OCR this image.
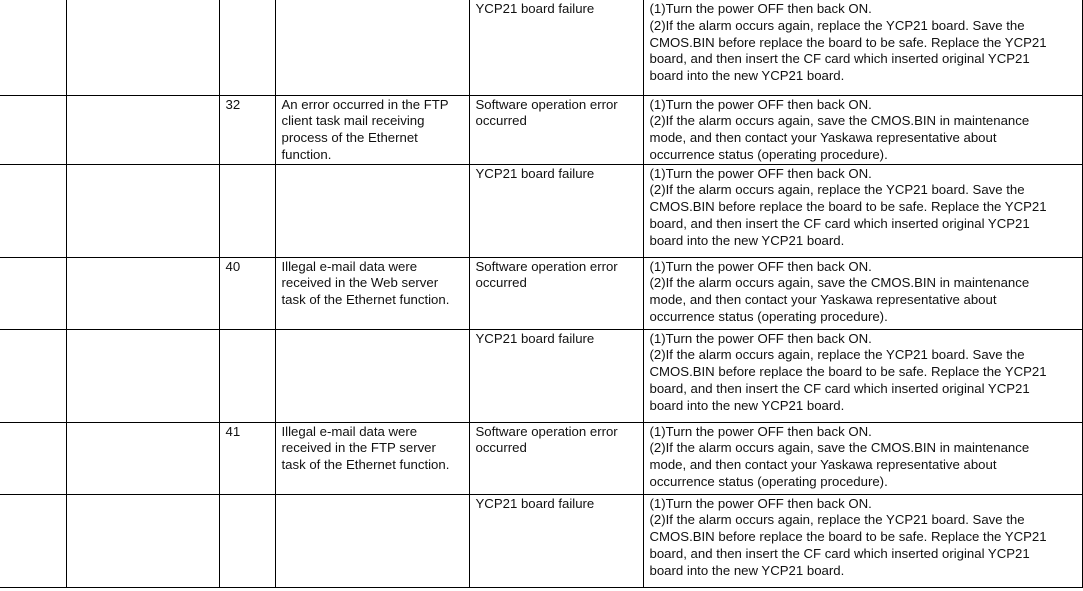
				YCP21 board failure	(1)Turn the power OFF then back ON.
(2)If the alarm occurs again, replace the YCP21 board. Save the
CMOS.BIN before replace the board to be safe. Replace the YCP21
board, and then insert the CF card which inserted original YCP21
board into the new YCP21 board.

		32	An error occurred in the FTP
client task mail receiving
process of the Ethernet
function.	Software operation error
occurred	(1)Turn the power OFF then back ON.
(2)If the alarm occurs again, save the CMOS.BIN in maintenance
mode, and then contact your Yaskawa representative about
occurrence status (operating procedure).

				YCP21 board failure	(1)Turn the power OFF then back ON.
(2)If the alarm occurs again, replace the YCP21 board. Save the
CMOS.BIN before replace the board to be safe. Replace the YCP21
board, and then insert the CF card which inserted original YCP21
board into the new YCP21 board.

		40	Illegal e-mail data were
received in the Web server
task of the Ethernet function.	Software operation error
occurred	(1)Turn the power OFF then back ON.
(2)If the alarm occurs again, save the CMOS.BIN in maintenance
mode, and then contact your Yaskawa representative about
occurrence status (operating procedure).

				YCP21 board failure	(1)Turn the power OFF then back ON.
(2)If the alarm occurs again, replace the YCP21 board. Save the
CMOS.BIN before replace the board to be safe. Replace the YCP21
board, and then insert the CF card which inserted original YCP21
board into the new YCP21 board.

		41	Illegal e-mail data were
received in the FTP server
task of the Ethernet function.	Software operation error
occurred	(1)Turn the power OFF then back ON.
(2)If the alarm occurs again, save the CMOS.BIN in maintenance
mode, and then contact your Yaskawa representative about
occurrence status (operating procedure).

				YCP21 board failure	(1)Turn the power OFF then back ON.
(2)If the alarm occurs again, replace the YCP21 board. Save the
CMOS.BIN before replace the board to be safe. Replace the YCP21
board, and then insert the CF card which inserted original YCP21
board into the new YCP21 board.
